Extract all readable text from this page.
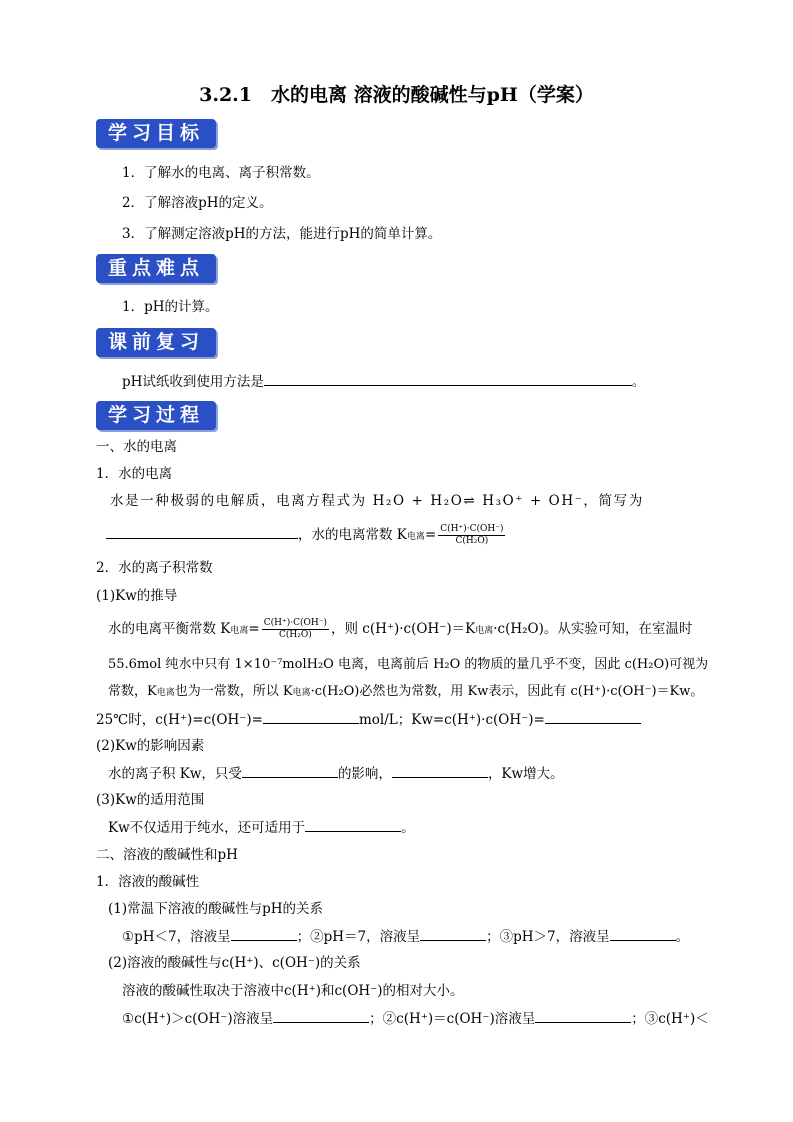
3.2.1　水的电离 溶液的酸碱性与pH（学案）
学习目标
1．了解水的电离、离子积常数。
2．了解溶液pH的定义。
3．了解测定溶液pH的方法，能进行pH的简单计算。
重点难点
1．pH的计算。
课前复习
pH试纸收到使用方法是	。
学习过程
一、水的电离
1．水的电离
水是一种极弱的电解质，电离方程式为 H₂O + H₂O⇌ H₃O⁺ + OH⁻，简写为
，水的电离常数 K电离= $\frac{C(H^+)\cdot C(OH^-)}{\text{C(H₂O)}}$
2．水的离子积常数
(1)Kw的推导
水的电离平衡常数 K电离= $\frac{C(H^+)\cdot C(OH^-)}{\text{C(H₂O)}}$ ，则 c(H⁺)·c(OH⁻)＝K电离·c(H₂O)。从实验可知，在室温时
55.6mol 纯水中只有 1×10⁻⁷molH₂O 电离，电离前后 H₂O 的物质的量几乎不变，因此 c(H₂O)可视为
常数，K电离也为一常数，所以 K电离·c(H₂O)必然也为常数，用 Kw表示，因此有 c(H⁺)·c(OH⁻)＝Kw。
25℃时，c(H⁺)=c(OH⁻)=	mol/L；Kw=c(H⁺)·c(OH⁻)=
(2)Kw的影响因素
水的离子积 Kw，只受	的影响，	，Kw增大。
(3)Kw的适用范围
Kw不仅适用于纯水，还可适用于	。
二、溶液的酸碱性和pH
1．溶液的酸碱性
(1)常温下溶液的酸碱性与pH的关系
①pH＜7，溶液呈	；②pH＝7，溶液呈	；③pH＞7，溶液呈	。
(2)溶液的酸碱性与c(H⁺)、c(OH⁻)的关系
溶液的酸碱性取决于溶液中c(H⁺)和c(OH⁻)的相对大小。
①c(H⁺)＞c(OH⁻)溶液呈	；②c(H⁺)＝c(OH⁻)溶液呈	；③c(H⁺)＜
